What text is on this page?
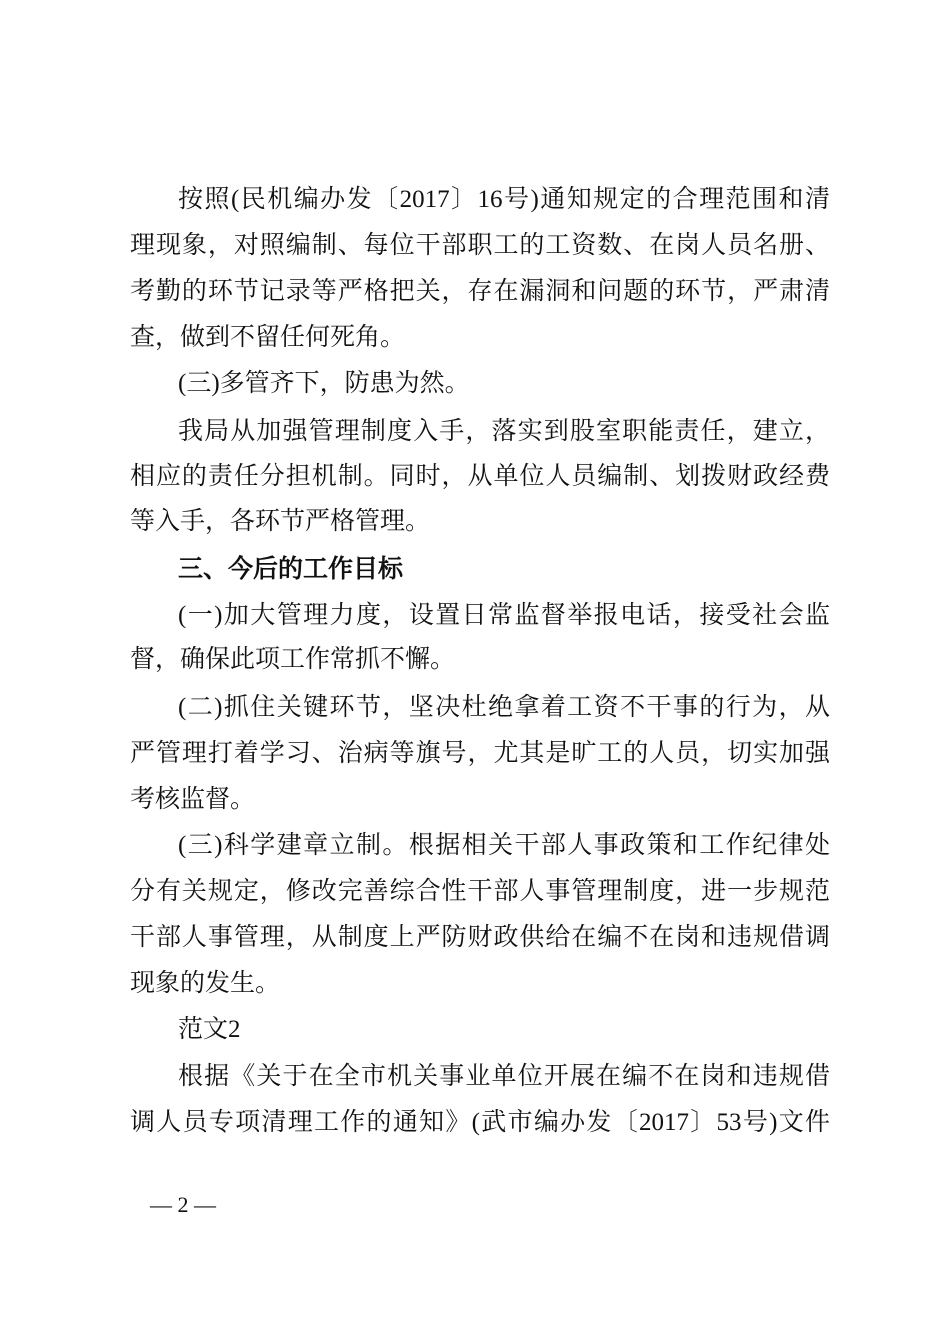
按照(民机编办发〔2017〕16号)通知规定的合理范围和清
理现象，对照编制、每位干部职工的工资数、在岗人员名册、
考勤的环节记录等严格把关，存在漏洞和问题的环节，严肃清
查，做到不留任何死角。
(三)多管齐下，防患为然。
我局从加强管理制度入手，落实到股室职能责任，建立，
相应的责任分担机制。同时，从单位人员编制、划拨财政经费
等入手，各环节严格管理。
三、今后的工作目标
(一)加大管理力度，设置日常监督举报电话，接受社会监
督，确保此项工作常抓不懈。
(二)抓住关键环节，坚决杜绝拿着工资不干事的行为，从
严管理打着学习、治病等旗号，尤其是旷工的人员，切实加强
考核监督。
(三)科学建章立制。根据相关干部人事政策和工作纪律处
分有关规定，修改完善综合性干部人事管理制度，进一步规范
干部人事管理，从制度上严防财政供给在编不在岗和违规借调
现象的发生。
范文2
根据《关于在全市机关事业单位开展在编不在岗和违规借
调人员专项清理工作的通知》(武市编办发〔2017〕53号)文件
— 2 —
